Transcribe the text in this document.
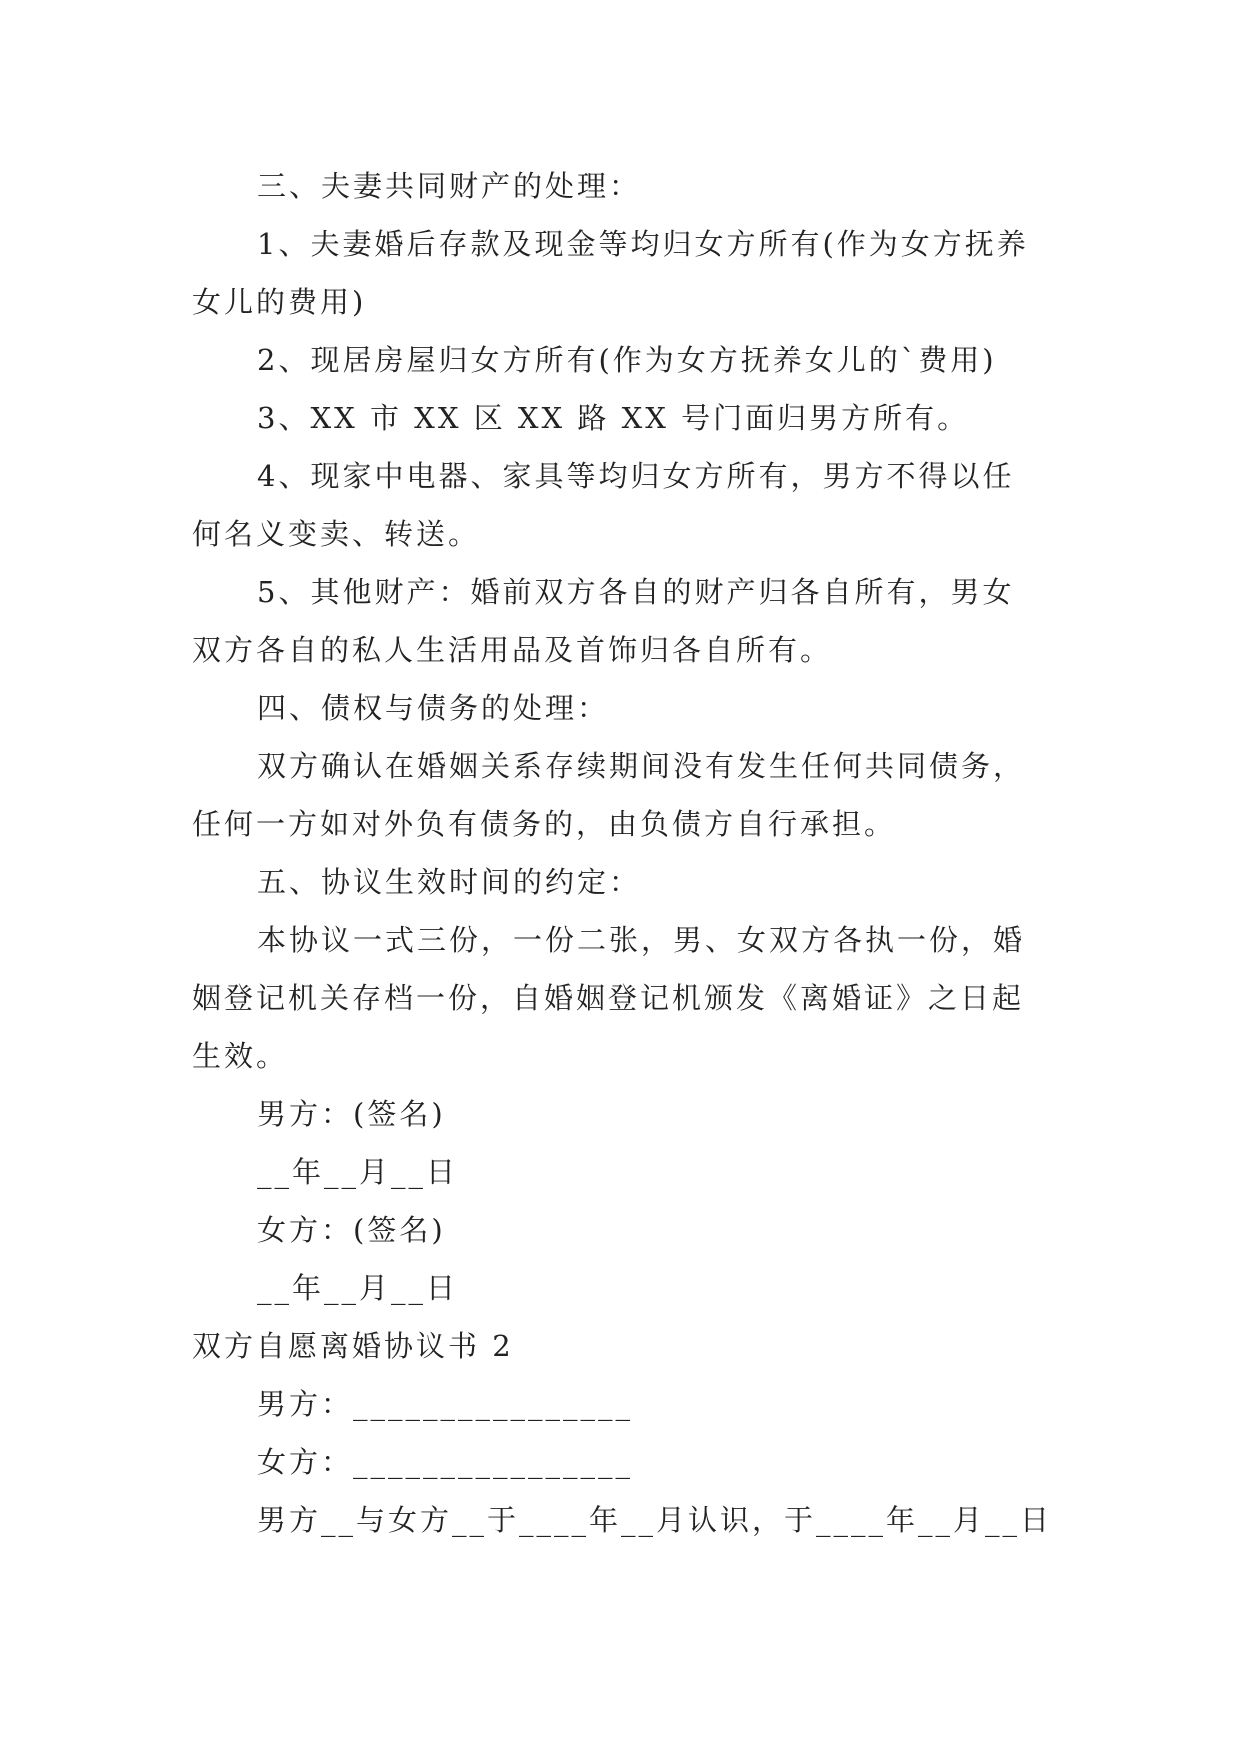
三、夫妻共同财产的处理：
1、夫妻婚后存款及现金等均归女方所有(作为女方抚养
女儿的费用)
2、现居房屋归女方所有(作为女方抚养女儿的`费用)
3、XX 市 XX 区 XX 路 XX 号门面归男方所有。
4、现家中电器、家具等均归女方所有，男方不得以任
何名义变卖、转送。
5、其他财产：婚前双方各自的财产归各自所有，男女
双方各自的私人生活用品及首饰归各自所有。
四、债权与债务的处理：
双方确认在婚姻关系存续期间没有发生任何共同债务，
任何一方如对外负有债务的，由负债方自行承担。
五、协议生效时间的约定：
本协议一式三份，一份二张，男、女双方各执一份，婚
姻登记机关存档一份，自婚姻登记机颁发《离婚证》之日起
生效。
男方：(签名)
__年__月__日
女方：(签名)
__年__月__日
双方自愿离婚协议书 2
男方：________________
女方：________________
男方__与女方__于____年__月认识，于____年__月__日
